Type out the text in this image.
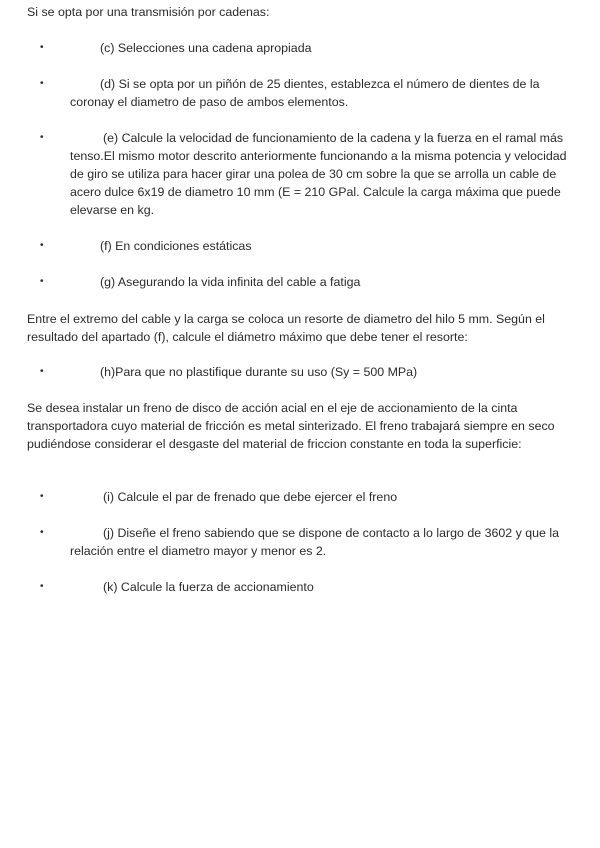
Si se opta por una transmisión por cadenas:

•	(c) Selecciones una cadena apropiada

•	(d) Si se opta por un piñón de 25 dientes, establezca el número de dientes de la coronay el diametro de paso de ambos elementos.

•	(e) Calcule la velocidad de funcionamiento de la cadena y la fuerza en el ramal más tenso.El mismo motor descrito anteriormente funcionando a la misma potencia y velocidad de giro se utiliza para hacer girar una polea de 30 cm sobre la que se arrolla un cable de acero dulce 6x19 de diametro 10 mm (E = 210 GPal. Calcule la carga máxima que puede elevarse en kg.

•	(f) En condiciones estáticas

•	(g) Asegurando la vida infinita del cable a fatiga

Entre el extremo del cable y la carga se coloca un resorte de diametro del hilo 5 mm. Según el resultado del apartado (f), calcule el diámetro máximo que debe tener el resorte:

•	(h)Para que no plastifique durante su uso (Sy = 500 MPa)

Se desea instalar un freno de disco de acción acial en el eje de accionamiento de la cinta transportadora cuyo material de fricción es metal sinterizado. El freno trabajará siempre en seco pudiéndose considerar el desgaste del material de friccion constante en toda la superficie:

•	(i) Calcule el par de frenado que debe ejercer el freno

•	(j) Diseñe el freno sabiendo que se dispone de contacto a lo largo de 3602 y que la relación entre el diametro mayor y menor es 2.

•	(k) Calcule la fuerza de accionamiento
